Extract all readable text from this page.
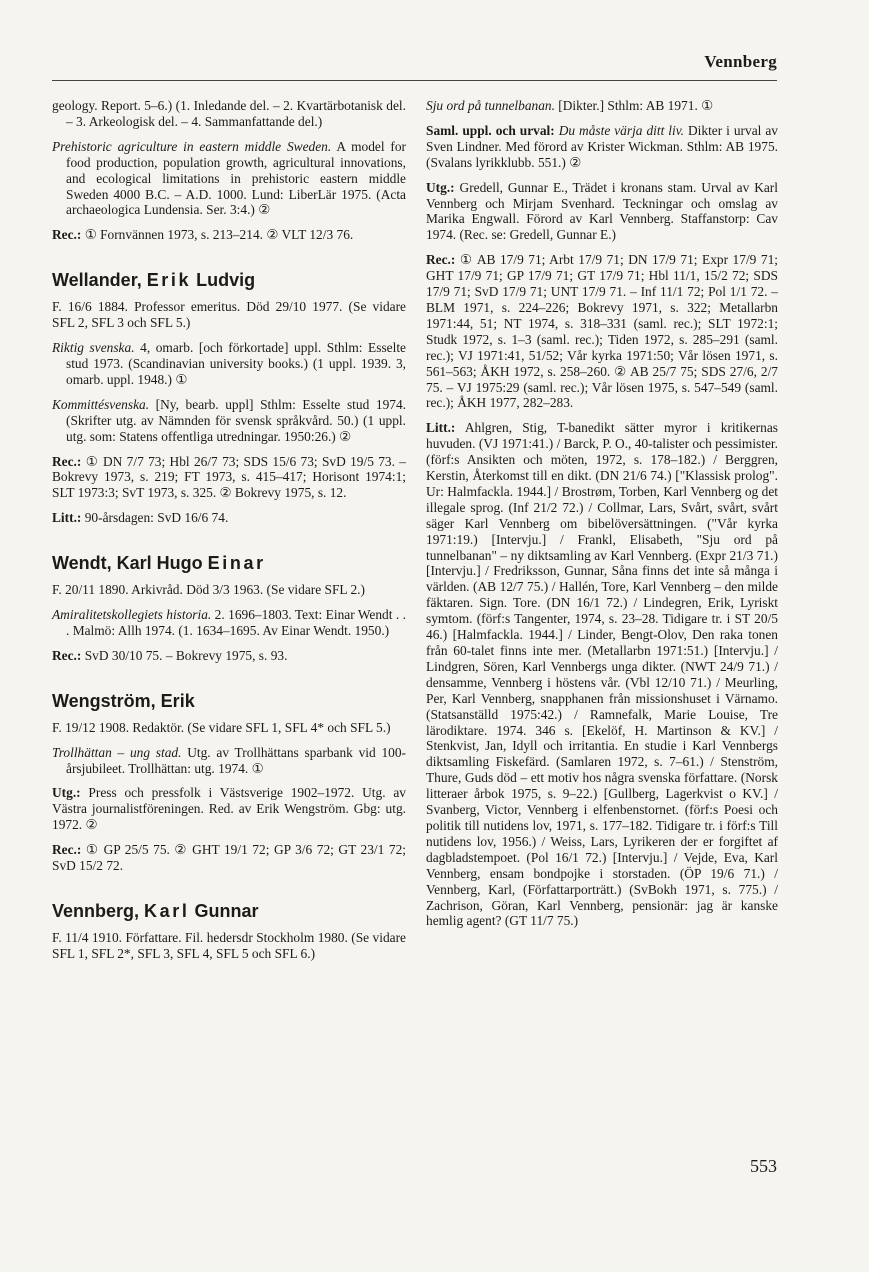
Vennberg

geology. Report. 5–6.) (1. Inledande del. – 2. Kvartärbotanisk del. – 3. Arkeologisk del. – 4. Sammanfattande del.)

Prehistoric agriculture in eastern middle Sweden. A model for food production, population growth, agricultural innovations, and ecological limitations in prehistoric eastern middle Sweden 4000 B.C. – A.D. 1000. Lund: LiberLär 1975. (Acta archaeologica Lundensia. Ser. 3:4.) ②

Rec.: ① Fornvännen 1973, s. 213–214. ② VLT 12/3 76.

Wellander, Erik Ludvig

F. 16/6 1884. Professor emeritus. Död 29/10 1977. (Se vidare SFL 2, SFL 3 och SFL 5.)

Riktig svenska. 4, omarb. [och förkortade] uppl. Sthlm: Esselte stud 1973. (Scandinavian university books.) (1 uppl. 1939. 3, omarb. uppl. 1948.) ①

Kommittésvenska. [Ny, bearb. uppl] Sthlm: Esselte stud 1974. (Skrifter utg. av Nämnden för svensk språkvård. 50.) (1 uppl. utg. som: Statens offentliga utredningar. 1950:26.) ②

Rec.: ① DN 7/7 73; Hbl 26/7 73; SDS 15/6 73; SvD 19/5 73. – Bokrevy 1973, s. 219; FT 1973, s. 415–417; Horisont 1974:1; SLT 1973:3; SvT 1973, s. 325. ② Bokrevy 1975, s. 12.

Litt.: 90-årsdagen: SvD 16/6 74.

Wendt, Karl Hugo Einar

F. 20/11 1890. Arkivråd. Död 3/3 1963. (Se vidare SFL 2.)

Amiralitetskollegiets historia. 2. 1696–1803. Text: Einar Wendt . . . Malmö: Allh 1974. (1. 1634–1695. Av Einar Wendt. 1950.)

Rec.: SvD 30/10 75. – Bokrevy 1975, s. 93.

Wengström, Erik

F. 19/12 1908. Redaktör. (Se vidare SFL 1, SFL 4* och SFL 5.)

Trollhättan – ung stad. Utg. av Trollhättans sparbank vid 100-årsjubileet. Trollhättan: utg. 1974. ①

Utg.: Press och pressfolk i Västsverige 1902–1972. Utg. av Västra journalistföreningen. Red. av Erik Wengström. Gbg: utg. 1972. ②

Rec.: ① GP 25/5 75. ② GHT 19/1 72; GP 3/6 72; GT 23/1 72; SvD 15/2 72.

Vennberg, Karl Gunnar

F. 11/4 1910. Författare. Fil. hedersdr Stockholm 1980. (Se vidare SFL 1, SFL 2*, SFL 3, SFL 4, SFL 5 och SFL 6.)

Sju ord på tunnelbanan. [Dikter.] Sthlm: AB 1971. ①

Saml. uppl. och urval: Du måste värja ditt liv. Dikter i urval av Sven Lindner. Med förord av Krister Wickman. Sthlm: AB 1975. (Svalans lyrikklubb. 551.) ②

Utg.: Gredell, Gunnar E., Trädet i kronans stam. Urval av Karl Vennberg och Mirjam Svenhard. Teckningar och omslag av Marika Engwall. Förord av Karl Vennberg. Staffanstorp: Cav 1974. (Rec. se: Gredell, Gunnar E.)

Rec.: ① AB 17/9 71; Arbt 17/9 71; DN 17/9 71; Expr 17/9 71; GHT 17/9 71; GP 17/9 71; GT 17/9 71; Hbl 11/1, 15/2 72; SDS 17/9 71; SvD 17/9 71; UNT 17/9 71. – Inf 11/1 72; Pol 1/1 72. – BLM 1971, s. 224–226; Bokrevy 1971, s. 322; Metallarbn 1971:44, 51; NT 1974, s. 318–331 (saml. rec.); SLT 1972:1; Studk 1972, s. 1–3 (saml. rec.); Tiden 1972, s. 285–291 (saml. rec.); VJ 1971:41, 51/52; Vår kyrka 1971:50; Vår lösen 1971, s. 561–563; ÅKH 1972, s. 258–260. ② AB 25/7 75; SDS 27/6, 2/7 75. – VJ 1975:29 (saml. rec.); Vår lösen 1975, s. 547–549 (saml. rec.); ÅKH 1977, 282–283.

Litt.: Ahlgren, Stig, T-banedikt sätter myror i kritikernas huvuden. (VJ 1971:41.) / Barck, P. O., 40-talister och pessimister. (förf:s Ansikten och möten, 1972, s. 178–182.) / Berggren, Kerstin, Återkomst till en dikt. (DN 21/6 74.) ["Klassisk prolog". Ur: Halmfackla. 1944.] / Brostrøm, Torben, Karl Vennberg og det illegale sprog. (Inf 21/2 72.) / Collmar, Lars, Svårt, svårt, svårt säger Karl Vennberg om bibelöversättningen. ("Vår kyrka 1971:19.) [Intervju.] / Frankl, Elisabeth, "Sju ord på tunnelbanan" – ny diktsamling av Karl Vennberg. (Expr 21/3 71.) [Intervju.] / Fredriksson, Gunnar, Såna finns det inte så många i världen. (AB 12/7 75.) / Hallén, Tore, Karl Vennberg – den milde fäktaren. Sign. Tore. (DN 16/1 72.) / Lindegren, Erik, Lyriskt symtom. (förf:s Tangenter, 1974, s. 23–28. Tidigare tr. i ST 20/5 46.) [Halmfackla. 1944.] / Linder, Bengt-Olov, Den raka tonen från 60-talet finns inte mer. (Metallarbn 1971:51.) [Intervju.] / Lindgren, Sören, Karl Vennbergs unga dikter. (NWT 24/9 71.) / densamme, Vennberg i höstens vår. (Vbl 12/10 71.) / Meurling, Per, Karl Vennberg, snapphanen från missionshuset i Värnamo. (Statsanställd 1975:42.) / Ramnefalk, Marie Louise, Tre lärodiktare. 1974. 346 s. [Ekelöf, H. Martinson & KV.] / Stenkvist, Jan, Idyll och irritantia. En studie i Karl Vennbergs diktsamling Fiskefärd. (Samlaren 1972, s. 7–61.) / Stenström, Thure, Guds död – ett motiv hos några svenska författare. (Norsk litteraer årbok 1975, s. 9–22.) [Gullberg, Lagerkvist o KV.] / Svanberg, Victor, Vennberg i elfenbenstornet. (förf:s Poesi och politik till nutidens lov, 1971, s. 177–182. Tidigare tr. i förf:s Till nutidens lov, 1956.) / Weiss, Lars, Lyrikeren der er forgiftet af dagbladstempoet. (Pol 16/1 72.) [Intervju.] / Vejde, Eva, Karl Vennberg, ensam bondpojke i storstaden. (ÖP 19/6 71.) / Vennberg, Karl, (Författarporträtt.) (SvBokh 1971, s. 775.) / Zachrison, Göran, Karl Vennberg, pensionär: jag är kanske hemlig agent? (GT 11/7 75.)

553
